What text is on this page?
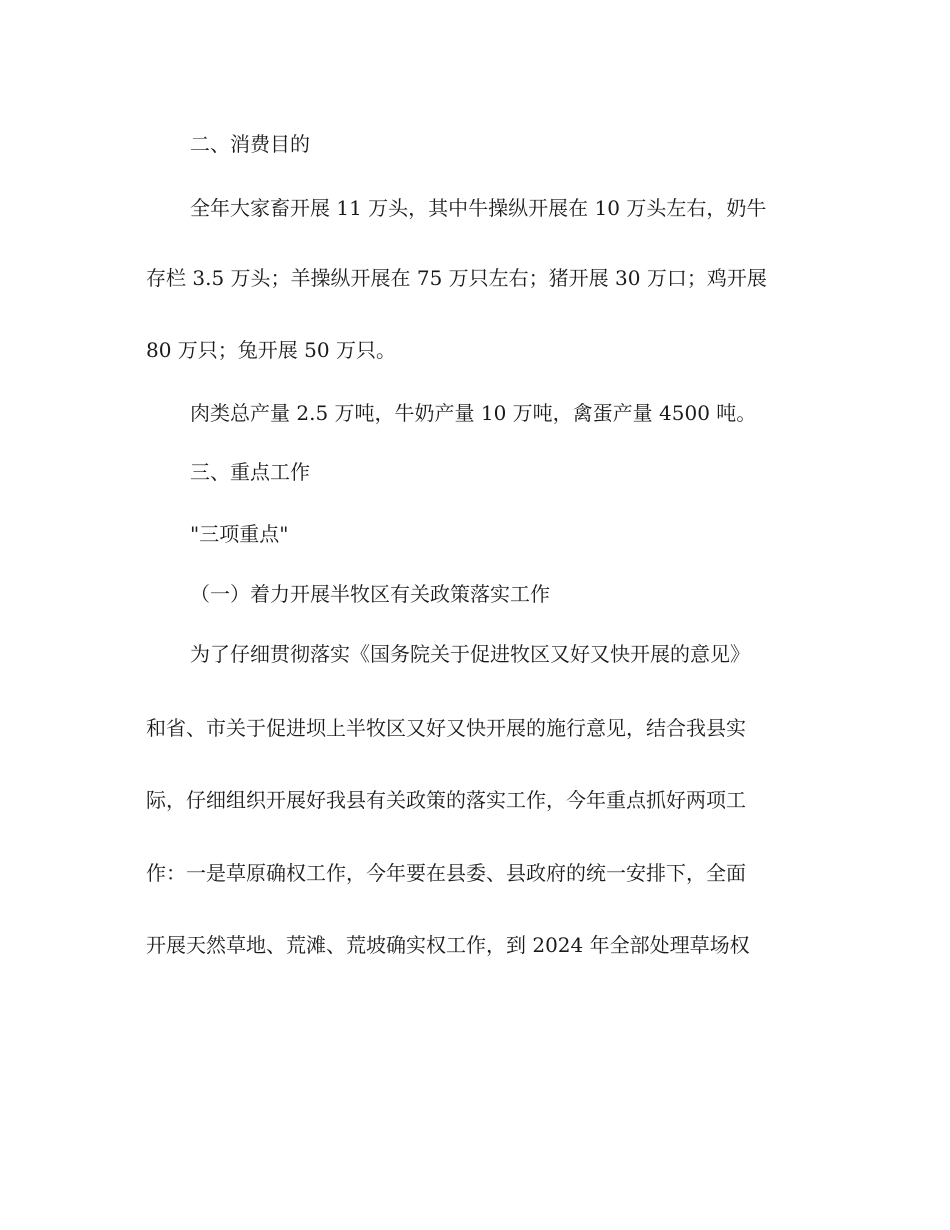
二、消费目的
全年大家畜开展 11 万头，其中牛操纵开展在 10 万头左右，奶牛
存栏 3.5 万头；羊操纵开展在 75 万只左右；猪开展 30 万口；鸡开展
80 万只；兔开展 50 万只。
肉类总产量 2.5 万吨，牛奶产量 10 万吨，禽蛋产量 4500 吨。
三、重点工作
"三项重点"
（一）着力开展半牧区有关政策落实工作
为了仔细贯彻落实《国务院关于促进牧区又好又快开展的意见》
和省、市关于促进坝上半牧区又好又快开展的施行意见，结合我县实
际，仔细组织开展好我县有关政策的落实工作，今年重点抓好两项工
作：一是草原确权工作，今年要在县委、县政府的统一安排下，全面
开展天然草地、荒滩、荒坡确实权工作，到 2024 年全部处理草场权
